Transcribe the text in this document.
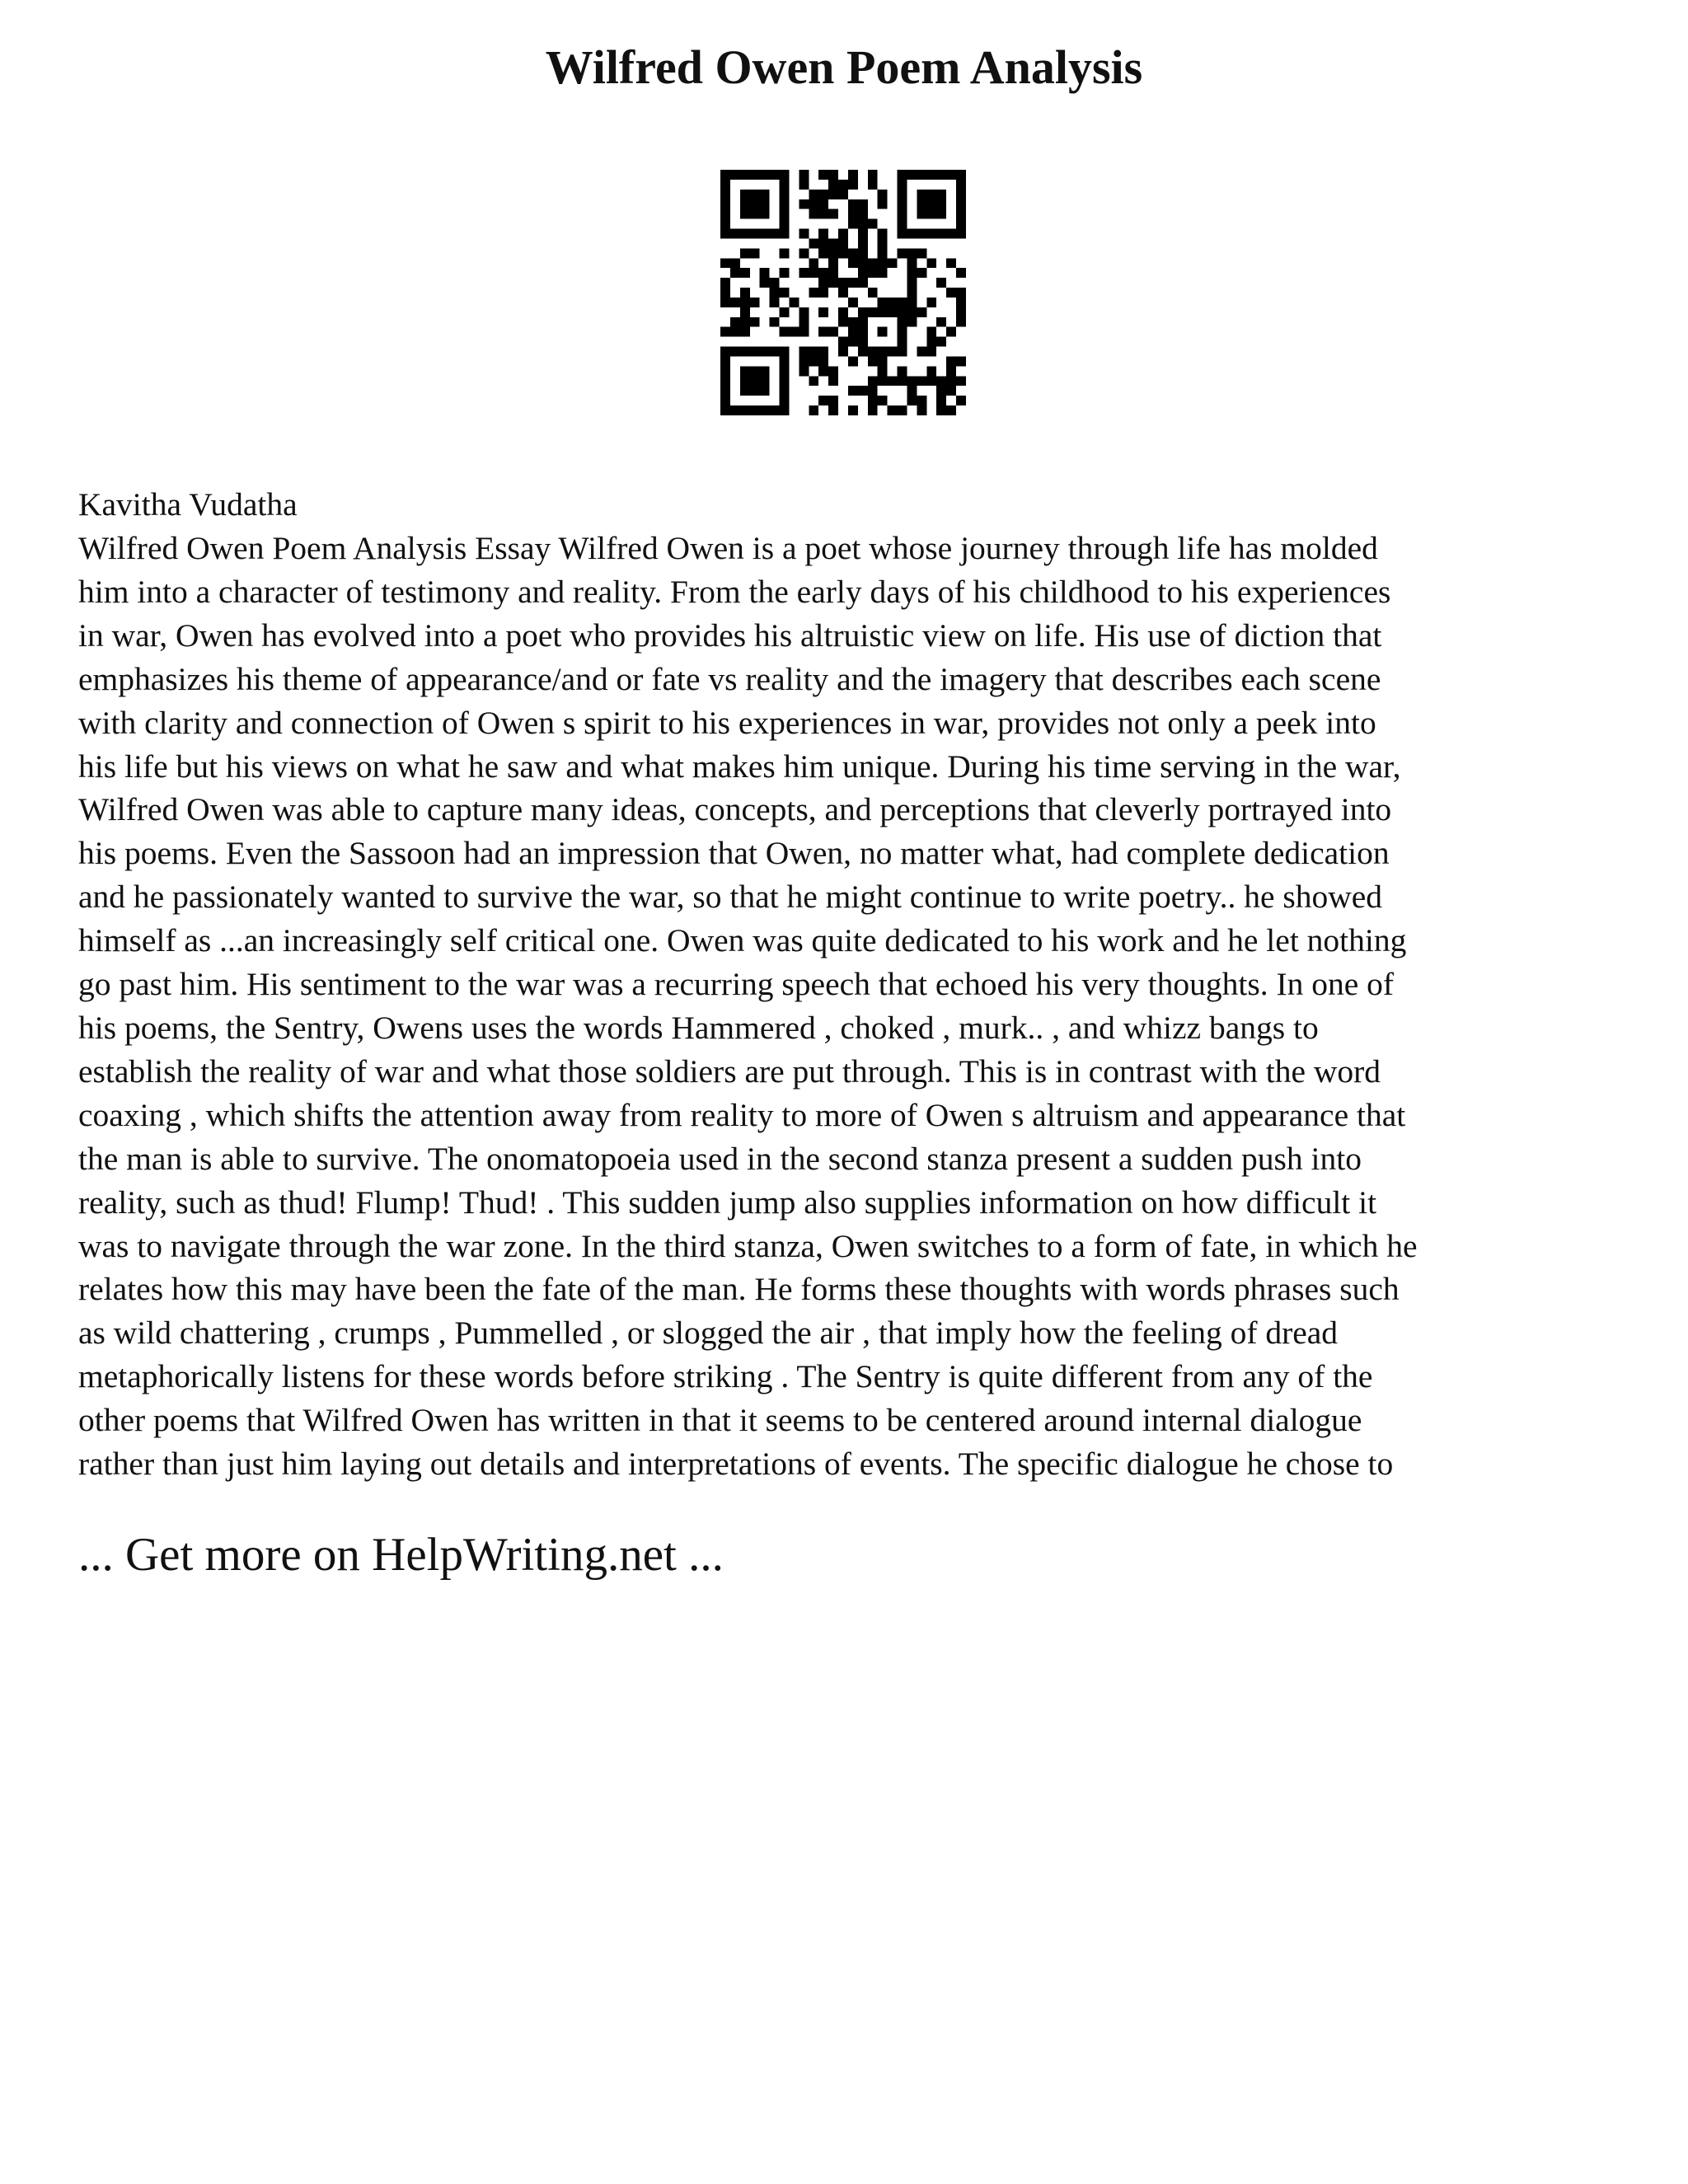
Wilfred Owen Poem Analysis

Kavitha Vudatha

Wilfred Owen Poem Analysis Essay Wilfred Owen is a poet whose journey through life has molded
him into a character of testimony and reality. From the early days of his childhood to his experiences
in war, Owen has evolved into a poet who provides his altruistic view on life. His use of diction that
emphasizes his theme of appearance/and or fate vs reality and the imagery that describes each scene
with clarity and connection of Owen s spirit to his experiences in war, provides not only a peek into
his life but his views on what he saw and what makes him unique. During his time serving in the war,
Wilfred Owen was able to capture many ideas, concepts, and perceptions that cleverly portrayed into
his poems. Even the Sassoon had an impression that Owen, no matter what, had complete dedication
and he passionately wanted to survive the war, so that he might continue to write poetry.. he showed
himself as ...an increasingly self critical one. Owen was quite dedicated to his work and he let nothing
go past him. His sentiment to the war was a recurring speech that echoed his very thoughts. In one of
his poems, the Sentry, Owens uses the words Hammered , choked , murk.. , and whizz bangs to
establish the reality of war and what those soldiers are put through. This is in contrast with the word
coaxing , which shifts the attention away from reality to more of Owen s altruism and appearance that
the man is able to survive. The onomatopoeia used in the second stanza present a sudden push into
reality, such as thud! Flump! Thud! . This sudden jump also supplies information on how difficult it
was to navigate through the war zone. In the third stanza, Owen switches to a form of fate, in which he
relates how this may have been the fate of the man. He forms these thoughts with words phrases such
as wild chattering , crumps , Pummelled , or slogged the air , that imply how the feeling of dread
metaphorically listens for these words before striking . The Sentry is quite different from any of the
other poems that Wilfred Owen has written in that it seems to be centered around internal dialogue
rather than just him laying out details and interpretations of events. The specific dialogue he chose to
... Get more on HelpWriting.net ...
